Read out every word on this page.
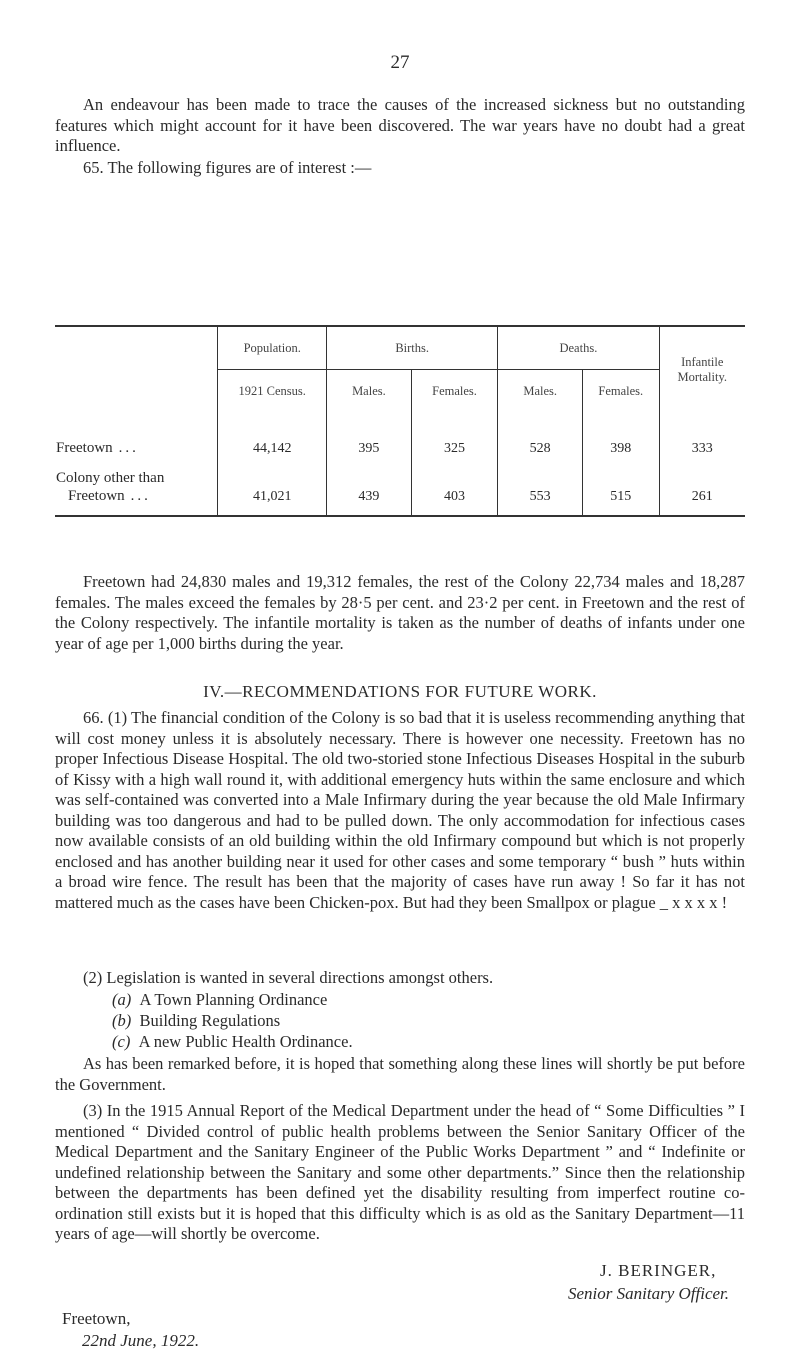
27

An endeavour has been made to trace the causes of the increased sickness but no outstanding features which might account for it have been discovered. The war years have no doubt had a great influence.

65. The following figures are of interest :—

	Population.	Births.		Deaths.		Infantile Mortality.
	1921 Census.	Males.	Females.	Males.	Females.	
Freetown ...	44,142	395	325	528	398	333
Colony other than
Freetown ...	41,021	439	403	553	515	261

Freetown had 24,830 males and 19,312 females, the rest of the Colony 22,734 males and 18,287 females. The males exceed the females by 28·5 per cent. and 23·2 per cent. in Freetown and the rest of the Colony respectively. The infantile mortality is taken as the number of deaths of infants under one year of age per 1,000 births during the year.

IV.—RECOMMENDATIONS FOR FUTURE WORK.

66. (1) The financial condition of the Colony is so bad that it is useless recommending anything that will cost money unless it is absolutely necessary. There is however one necessity. Freetown has no proper Infectious Disease Hospital. The old two-storied stone Infectious Diseases Hospital in the suburb of Kissy with a high wall round it, with additional emergency huts within the same enclosure and which was self-contained was converted into a Male Infirmary during the year because the old Male Infirmary building was too dangerous and had to be pulled down. The only accommodation for infectious cases now available consists of an old building within the old Infirmary compound but which is not properly enclosed and has another building near it used for other cases and some temporary “ bush ” huts within a broad wire fence. The result has been that the majority of cases have run away ! So far it has not mattered much as the cases have been Chicken-pox. But had they been Smallpox or plague _ x x x x !

(2) Legislation is wanted in several directions amongst others.

(a) A Town Planning Ordinance
(b) Building Regulations
(c) A new Public Health Ordinance.

As has been remarked before, it is hoped that something along these lines will shortly be put before the Government.

(3) In the 1915 Annual Report of the Medical Department under the head of “ Some Difficulties ” I mentioned “ Divided control of public health problems between the Senior Sanitary Officer of the Medical Department and the Sanitary Engineer of the Public Works Department ” and “ Indefinite or undefined relationship between the Sanitary and some other departments.” Since then the relationship between the departments has been defined yet the disability resulting from imperfect routine co-ordination still exists but it is hoped that this difficulty which is as old as the Sanitary Department—11 years of age—will shortly be overcome.

J. BERINGER,
Senior Sanitary Officer.
Freetown,
22nd June, 1922.
